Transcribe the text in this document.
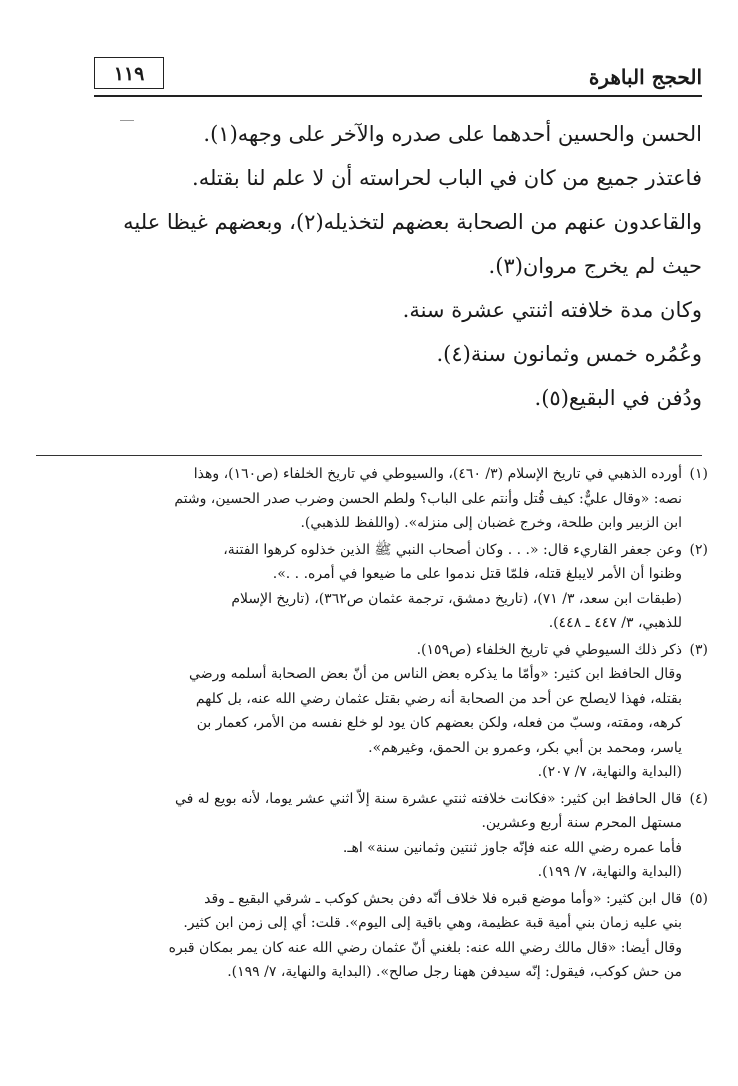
الحجج الباهرة
١١٩

الحسن والحسين أحدهما على صدره والآخر على وجهه(١).

فاعتذر جميع من كان في الباب لحراسته أن لا علم لنا بقتله.

والقاعدون عنهم من الصحابة بعضهم لتخذيله(٢)، وبعضهم غيظا عليه
حيث لم يخرج مروان(٣).

وكان مدة خلافته اثنتي عشرة سنة.

وعُمُره خمس وثمانون سنة(٤).

ودُفن في البقيع(٥).

(١)
أورده الذهبي في تاريخ الإسلام (٣/ ٤٦٠)، والسيوطي في تاريخ الخلفاء (ص١٦٠)، وهذا
نصه: «وقال عليٌّ: كيف قُتل وأنتم على الباب؟ ولطم الحسن وضرب صدر الحسين، وشتم
ابن الزبير وابن طلحة، وخرج غضبان إلى منزله». (واللفظ للذهبي).
(٢)
وعن جعفر القاريء قال: «. . . وكان أصحاب النبي ﷺ الذين خذلوه كرهوا الفتنة،
وظنوا أن الأمر لايبلغ قتله، فلمّا قتل ندموا على ما ضيعوا في أمره. . .».
(طبقات ابن سعد، ٣/ ٧١)، (تاريخ دمشق، ترجمة عثمان ص٣٦٢)، (تاريخ الإسلام
للذهبي، ٣/ ٤٤٧ ـ ٤٤٨).
(٣)
ذكر ذلك السيوطي في تاريخ الخلفاء (ص١٥٩).
وقال الحافظ ابن كثير: «وأمّا ما يذكره بعض الناس من أنّ بعض الصحابة أسلمه ورضي
بقتله، فهذا لايصلح عن أحد من الصحابة أنه رضي بقتل عثمان رضي الله عنه، بل كلهم
كرهه، ومقته، وسبّ من فعله، ولكن بعضهم كان يود لو خلع نفسه من الأمر، كعمار بن
ياسر، ومحمد بن أبي بكر، وعمرو بن الحمق، وغيرهم».
(البداية والنهاية، ٧/ ٢٠٧).
(٤)
قال الحافظ ابن كثير: «فكانت خلافته ثنتي عشرة سنة إلاّ اثني عشر يوما، لأنه بويع له في
مستهل المحرم سنة أربع وعشرين.
فأما عمره رضي الله عنه فإنّه جاوز ثنتين وثمانين سنة» اهـ.
(البداية والنهاية، ٧/ ١٩٩).
(٥)
قال ابن كثير: «وأما موضع قبره فلا خلاف أنّه دفن بحش كوكب ـ شرقي البقيع ـ وقد
بني عليه زمان بني أمية قبة عظيمة، وهي باقية إلى اليوم». قلت: أي إلى زمن ابن كثير.
وقال أيضا: «قال مالك رضي الله عنه: بلغني أنّ عثمان رضي الله عنه كان يمر بمكان قبره
من حش كوكب، فيقول: إنّه سيدفن ههنا رجل صالح». (البداية والنهاية، ٧/ ١٩٩).
